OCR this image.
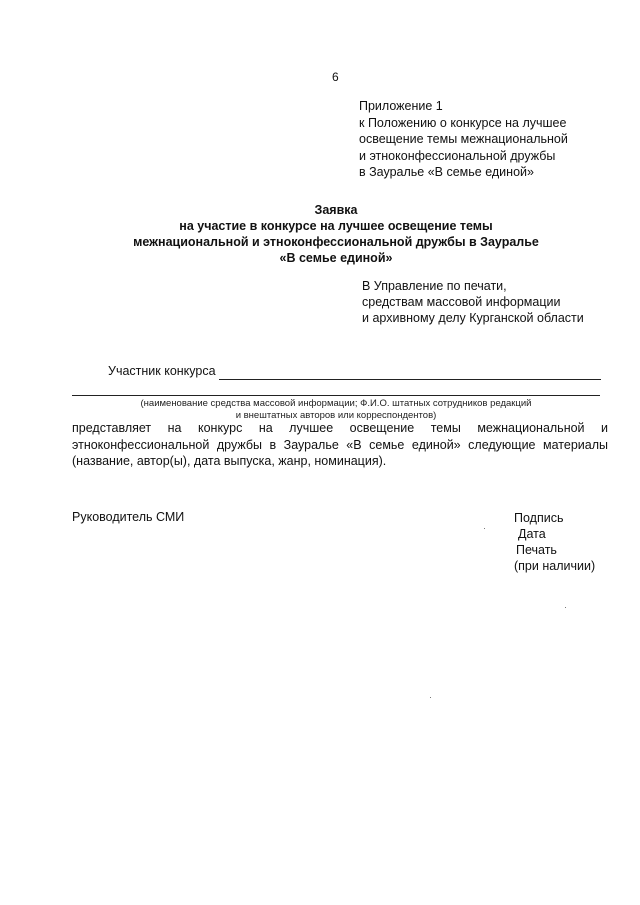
6
Приложение 1
к Положению о конкурсе на лучшее
освещение темы межнациональной
и этноконфессиональной дружбы
в Зауралье «В семье единой»
Заявка
на участие в конкурсе на лучшее освещение темы
межнациональной и этноконфессиональной дружбы в Зауралье
«В семье единой»
В Управление по печати,
средствам массовой информации
и архивному делу Курганской области
Участник конкурса
(наименование средства массовой информации; Ф.И.О. штатных сотрудников редакций
и внештатных авторов или корреспондентов)
представляет на конкурс на лучшее освещение темы межнациональной и
этноконфессиональной дружбы в Зауралье «В семье единой» следующие материалы
(название, автор(ы), дата выпуска, жанр, номинация).
Руководитель СМИ	Подпись
Дата
Печать
(при наличии)
